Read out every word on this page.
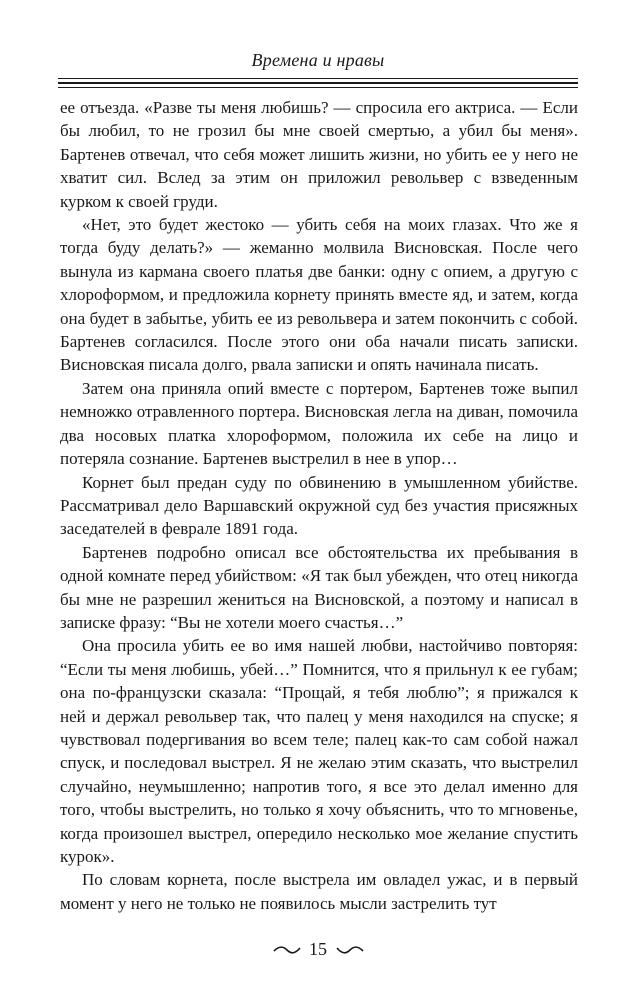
Времена и нравы

ее отъезда. «Разве ты меня любишь? — спросила его актриса. — Если бы любил, то не грозил бы мне своей смертью, а убил бы меня». Бартенев отвечал, что себя может лишить жизни, но убить ее у него не хватит сил. Вслед за этим он приложил револьвер с взведенным курком к своей груди.

«Нет, это будет жестоко — убить себя на моих глазах. Что же я тогда буду делать?» — жеманно молвила Висновская. После чего вынула из кармана своего платья две банки: одну с опием, а другую с хлороформом, и предложила корнету принять вместе яд, и затем, когда она будет в забытье, убить ее из револьвера и затем покончить с собой. Бартенев согласился. После этого они оба начали писать записки. Висновская писала долго, рвала записки и опять начинала писать.

Затем она приняла опий вместе с портером, Бартенев тоже выпил немножко отравленного портера. Висновская легла на диван, помочила два носовых платка хлороформом, положила их себе на лицо и потеряла сознание. Бартенев выстрелил в нее в упор…

Корнет был предан суду по обвинению в умышленном убийстве. Рассматривал дело Варшавский окружной суд без участия присяжных заседателей в феврале 1891 года.

Бартенев подробно описал все обстоятельства их пребывания в одной комнате перед убийством: «Я так был убежден, что отец никогда бы мне не разрешил жениться на Висновской, а поэтому и написал в записке фразу: “Вы не хотели моего счастья…”

Она просила убить ее во имя нашей любви, настойчиво повторяя: “Если ты меня любишь, убей…” Помнится, что я прильнул к ее губам; она по-французски сказала: “Прощай, я тебя люблю”; я прижался к ней и держал револьвер так, что палец у меня находился на спуске; я чувствовал подергивания во всем теле; палец как-то сам собой нажал спуск, и последовал выстрел. Я не желаю этим сказать, что выстрелил случайно, неумышленно; напротив того, я все это делал именно для того, чтобы выстрелить, но только я хочу объяснить, что то мгновенье, когда произошел выстрел, опередило несколько мое желание спустить курок».

По словам корнета, после выстрела им овладел ужас, и в первый момент у него не только не появилось мысли застрелить тут

15
